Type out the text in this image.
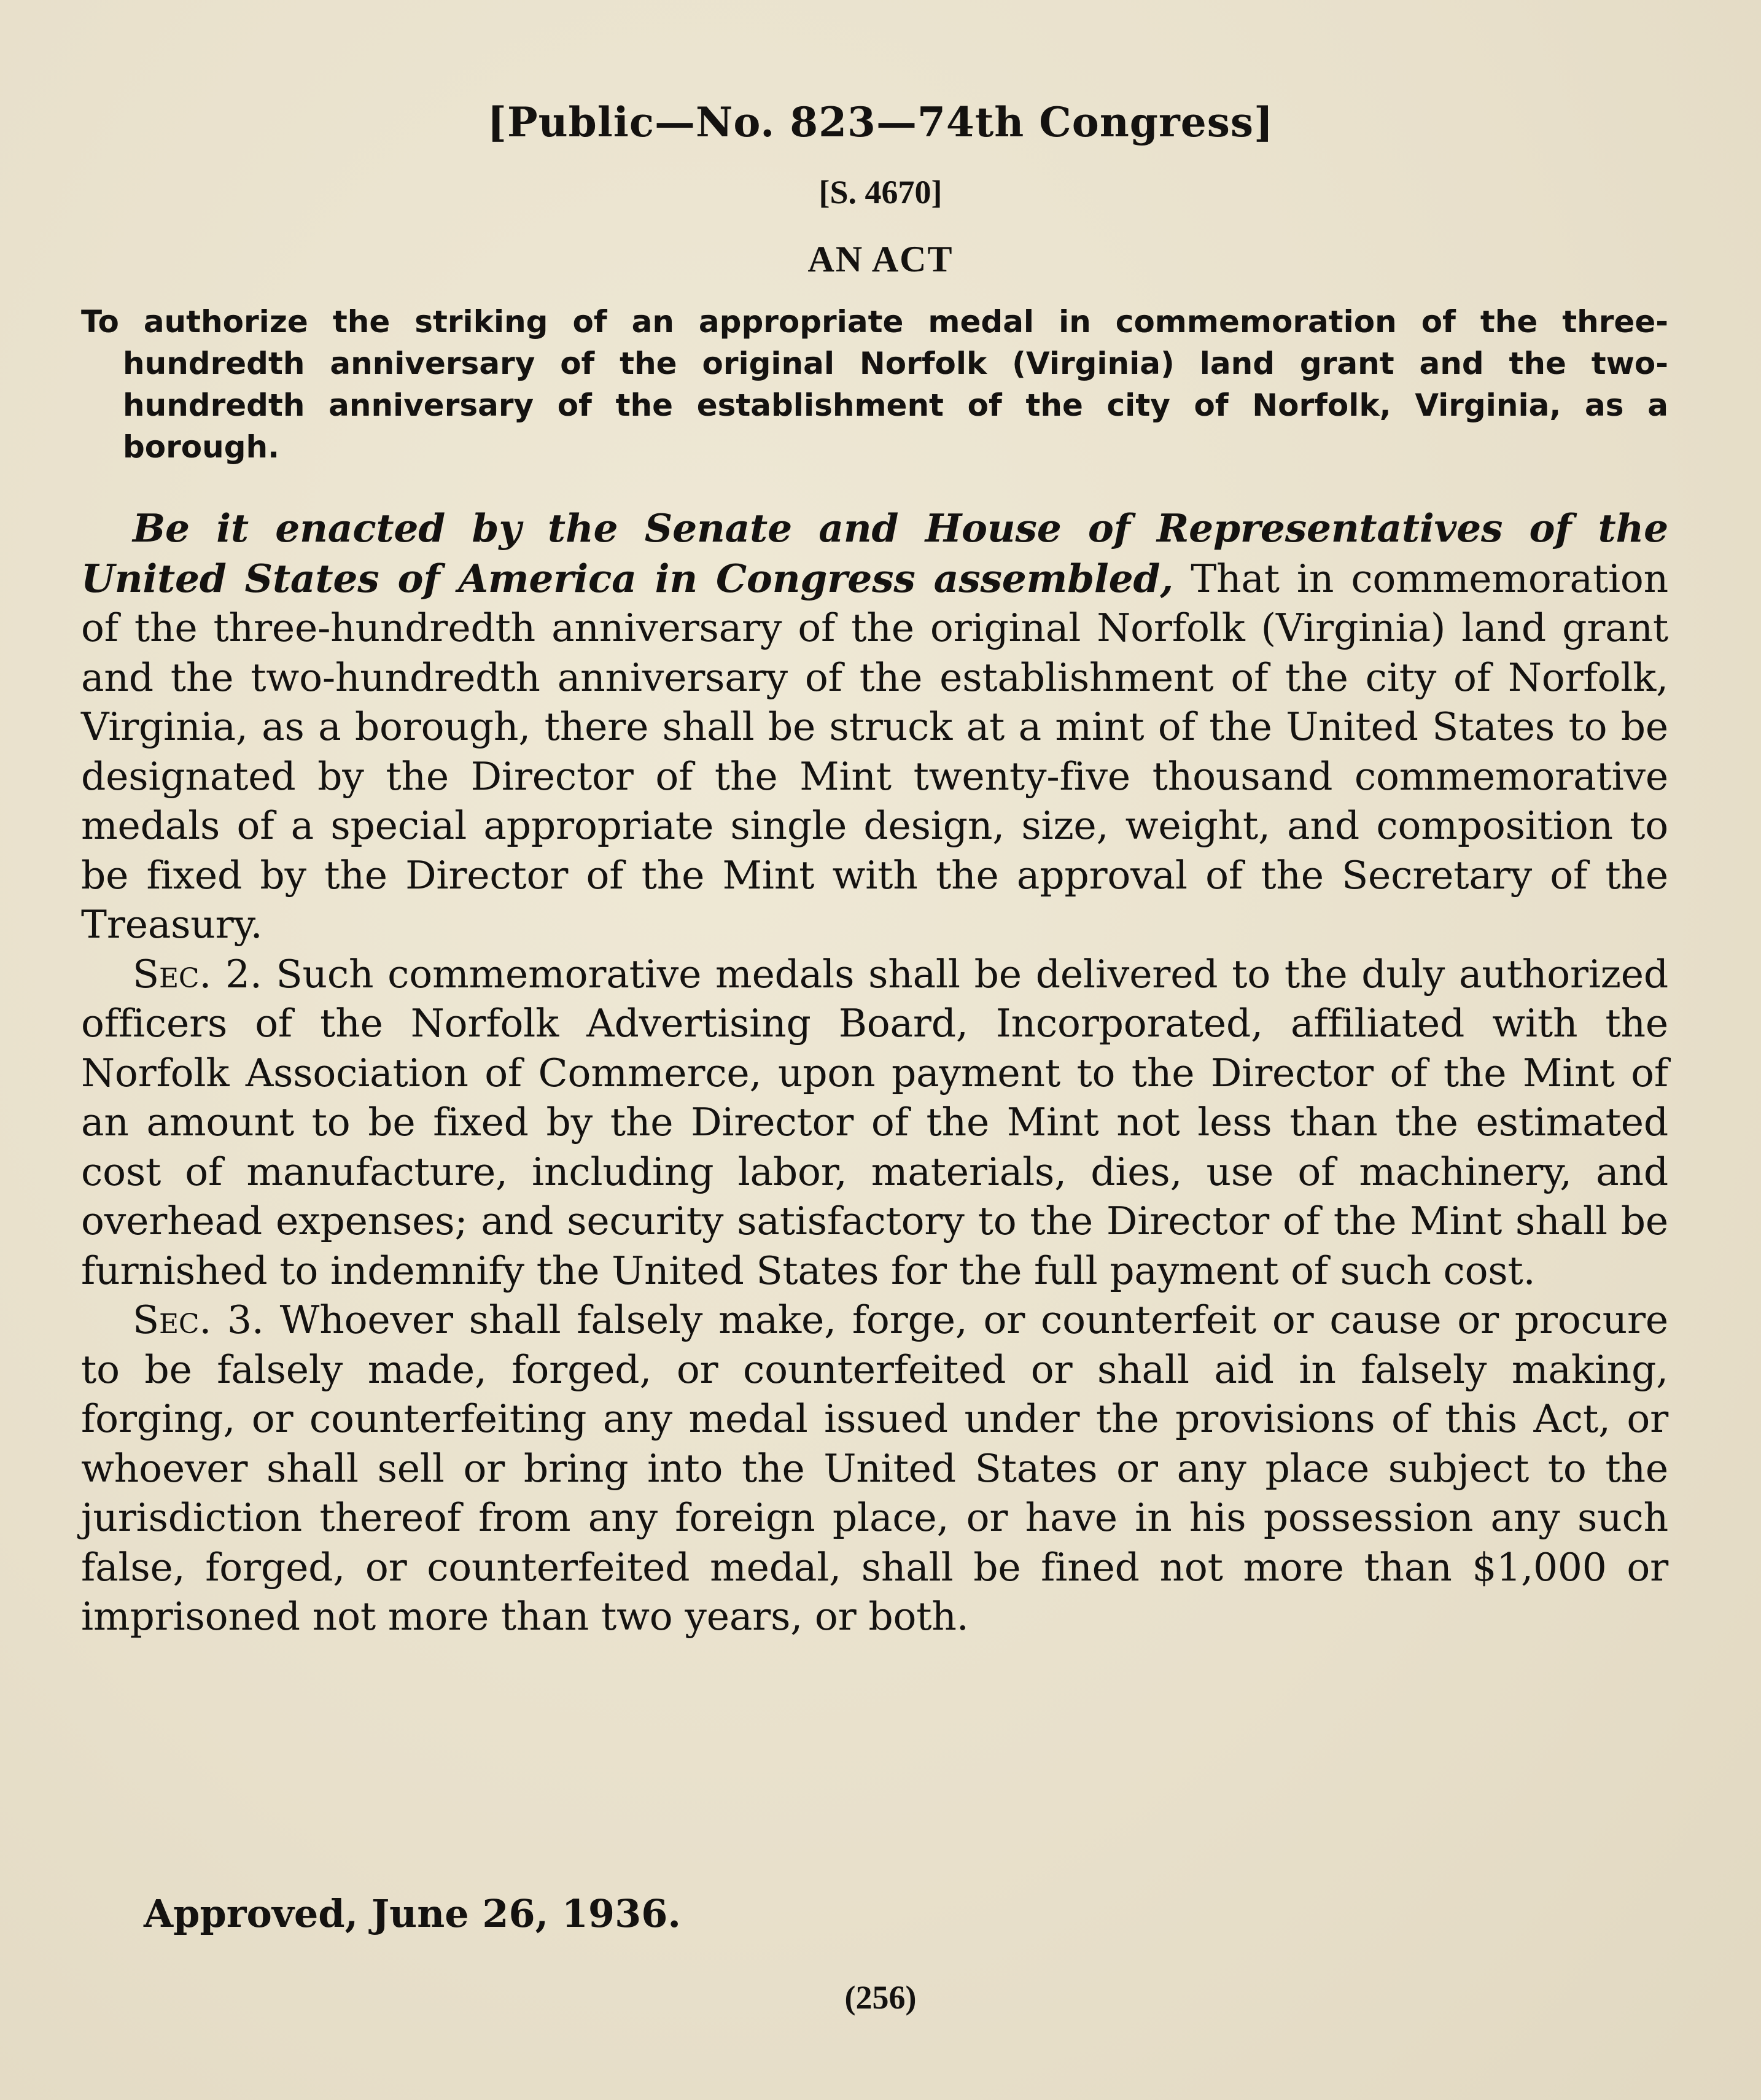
[Public—No. 823—74th Congress]
[S. 4670]
AN ACT
To authorize the striking of an appropriate medal in commemoration of the three-hundredth anniversary of the original Norfolk (Virginia) land grant and the two-hundredth anniversary of the establishment of the city of Norfolk, Virginia, as a borough.

Be it enacted by the Senate and House of Representatives of the United States of America in Congress assembled, That in commemoration of the three-hundredth anniversary of the original Norfolk (Virginia) land grant and the two-hundredth anniversary of the establishment of the city of Norfolk, Virginia, as a borough, there shall be struck at a mint of the United States to be designated by the Director of the Mint twenty-five thousand commemorative medals of a special appropriate single design, size, weight, and composition to be fixed by the Director of the Mint with the approval of the Secretary of the Treasury.

Sec. 2. Such commemorative medals shall be delivered to the duly authorized officers of the Norfolk Advertising Board, Incorporated, affiliated with the Norfolk Association of Commerce, upon payment to the Director of the Mint of an amount to be fixed by the Director of the Mint not less than the estimated cost of manufacture, including labor, materials, dies, use of machinery, and overhead expenses; and security satisfactory to the Director of the Mint shall be furnished to indemnify the United States for the full payment of such cost.

Sec. 3. Whoever shall falsely make, forge, or counterfeit or cause or procure to be falsely made, forged, or counterfeited or shall aid in falsely making, forging, or counterfeiting any medal issued under the provisions of this Act, or whoever shall sell or bring into the United States or any place subject to the jurisdiction thereof from any foreign place, or have in his possession any such false, forged, or counterfeited medal, shall be fined not more than $1,000 or imprisoned not more than two years, or both.

Approved, June 26, 1936.
(256)
